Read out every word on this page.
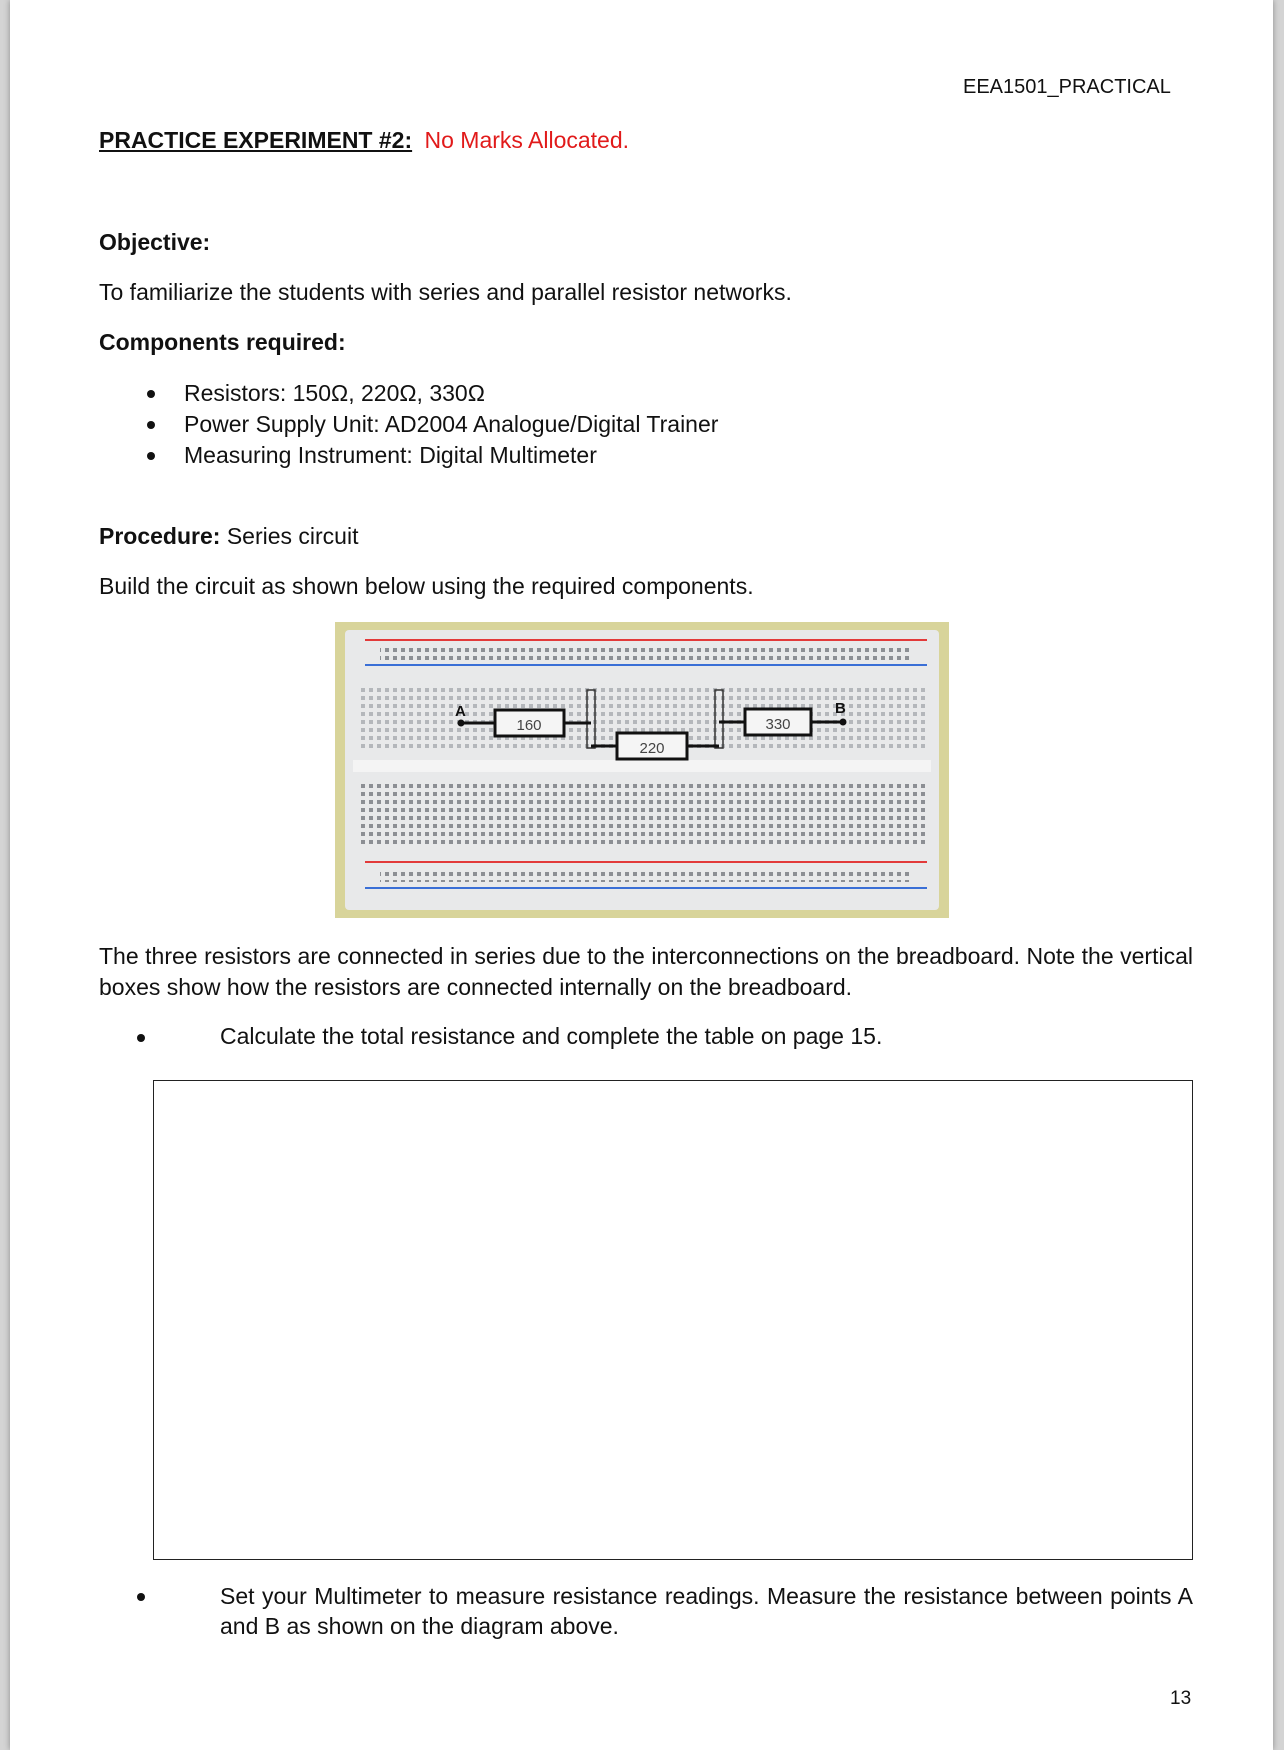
EEA1501_PRACTICAL
PRACTICE EXPERIMENT #2: No Marks Allocated.
Objective:
To familiarize the students with series and parallel resistor networks.
Components required:
Resistors: 150Ω, 220Ω, 330Ω
Power Supply Unit: AD2004 Analogue/Digital Trainer
Measuring Instrument: Digital Multimeter
Procedure: Series circuit
Build the circuit as shown below using the required components.
160
220
330
A	B
The three resistors are connected in series due to the interconnections on the breadboard. Note the vertical boxes show how the resistors are connected internally on the breadboard.
Calculate the total resistance and complete the table on page 15.
Set your Multimeter to measure resistance readings. Measure the resistance between points A and B as shown on the diagram above.
13
